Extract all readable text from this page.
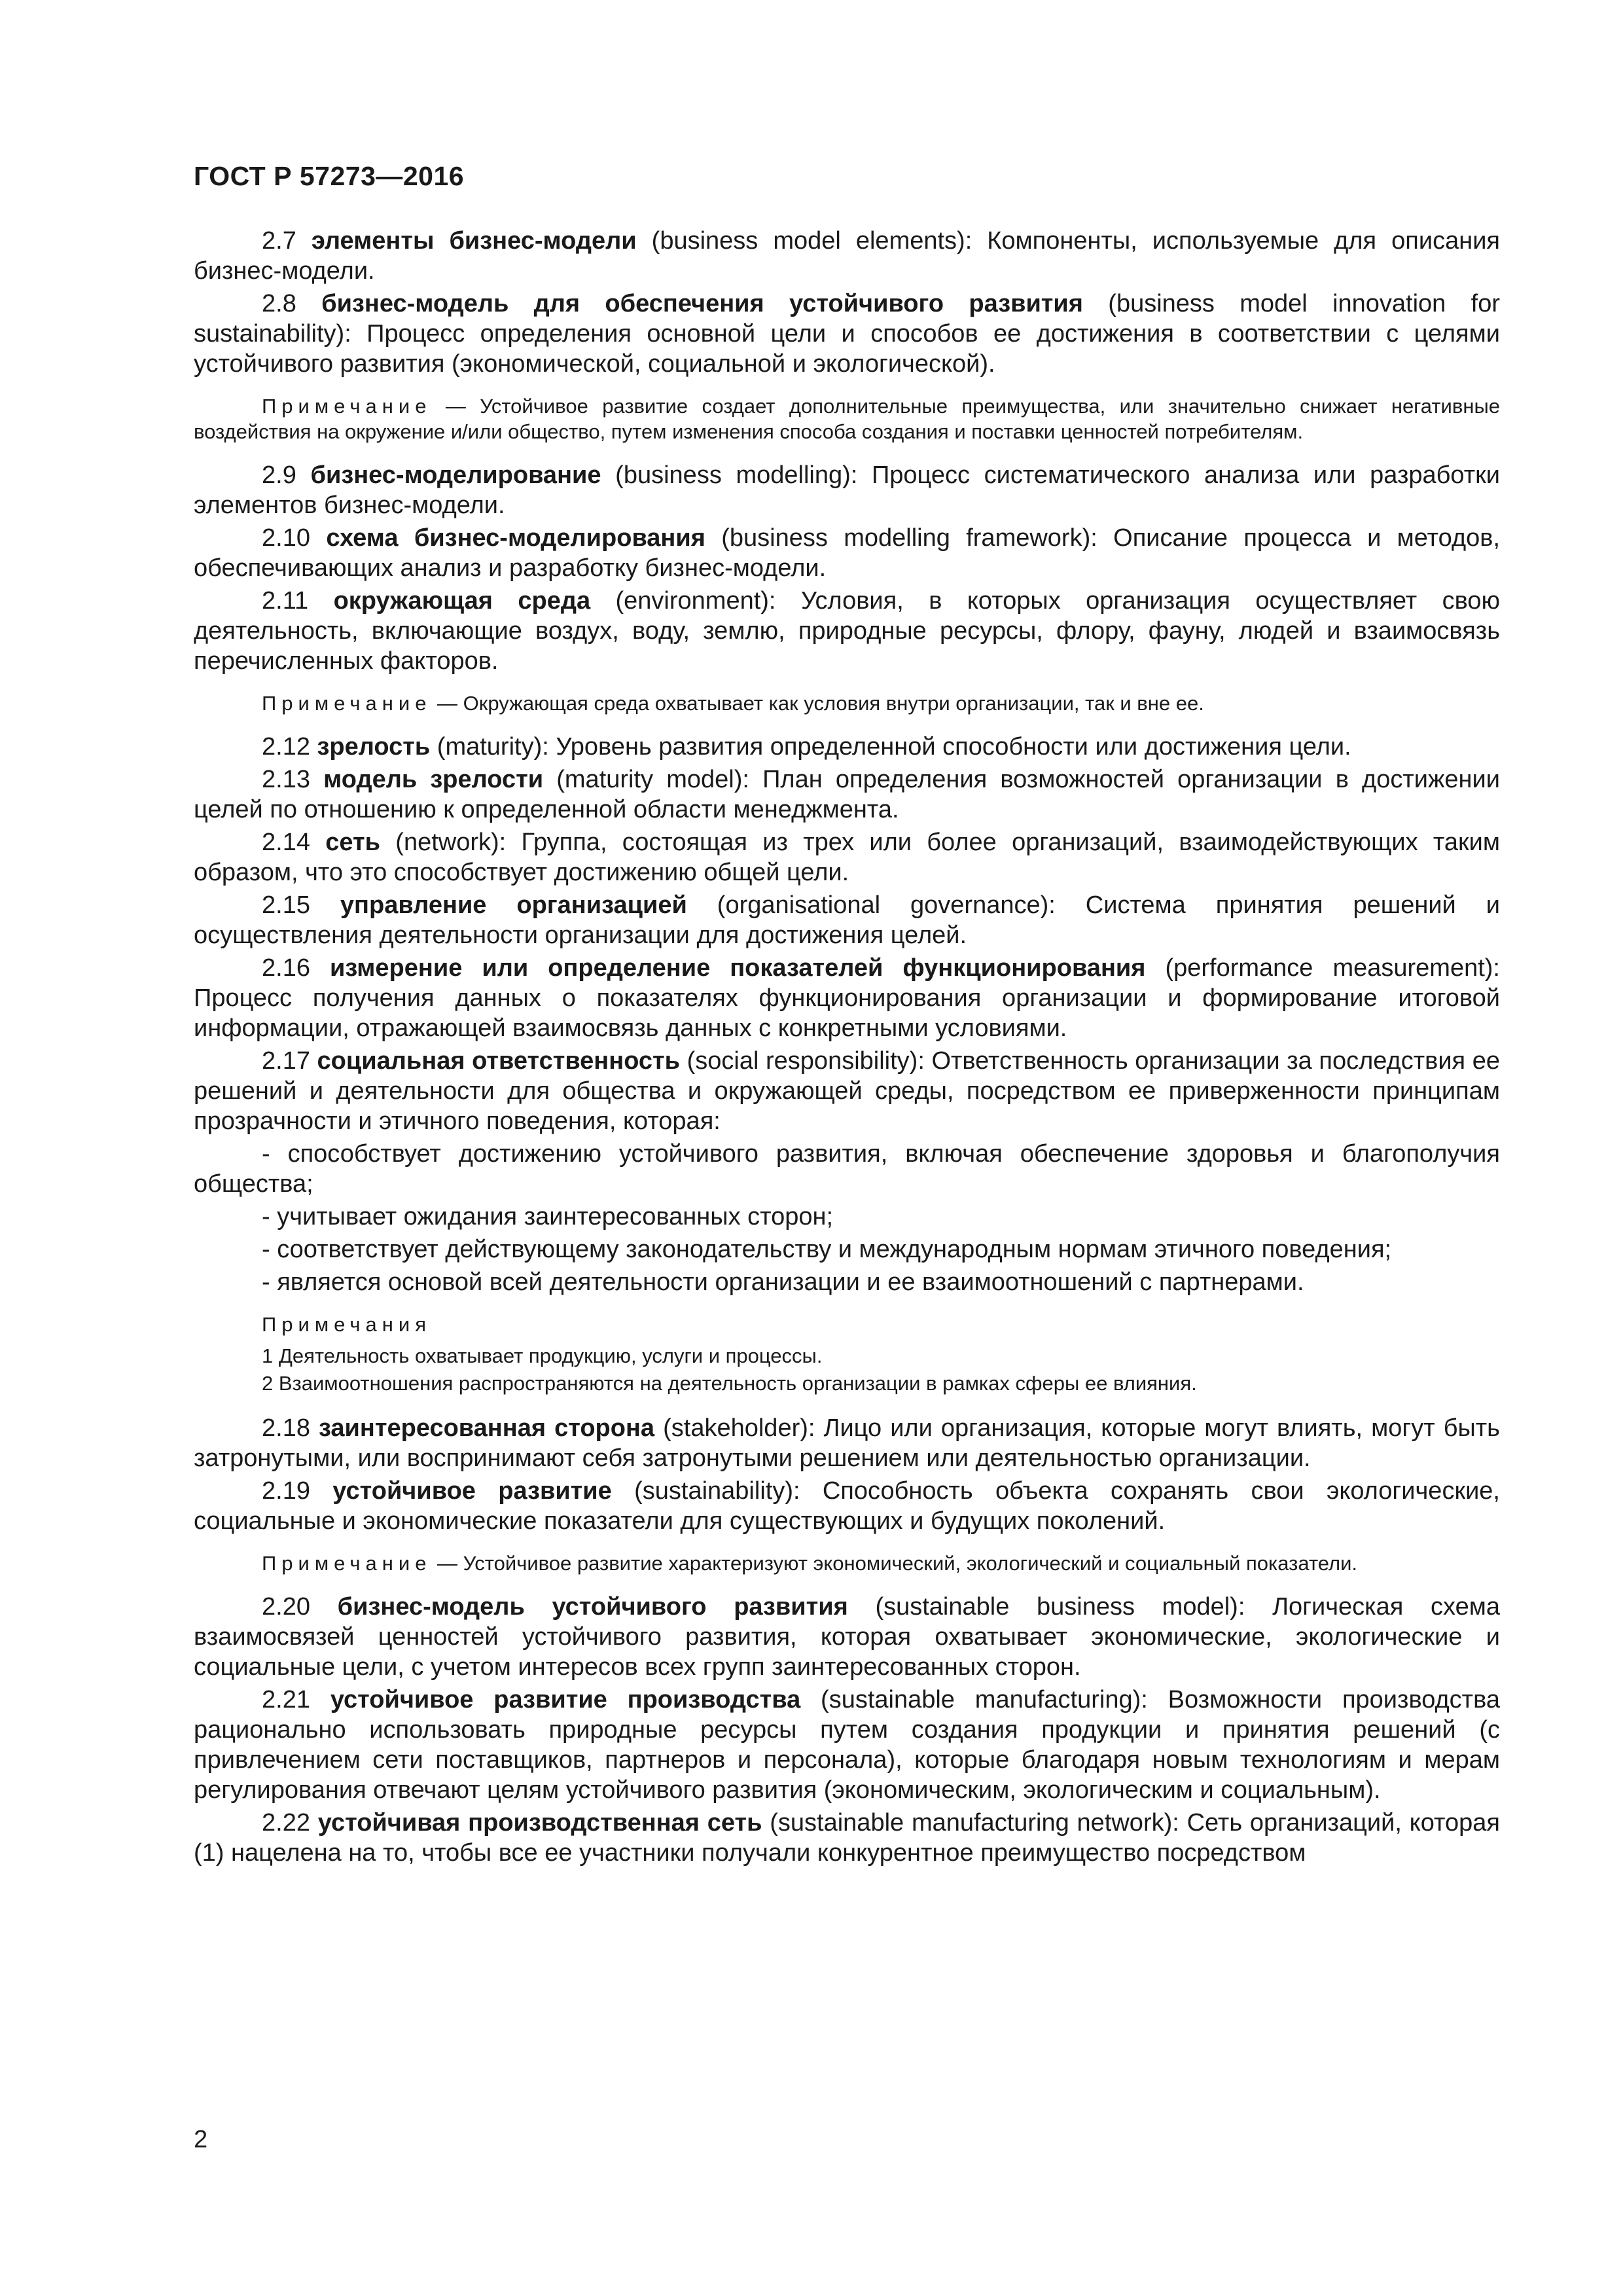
ГОСТ Р 57273—2016

2.7 элементы бизнес-модели (business model elements): Компоненты, используемые для описания бизнес-модели.

2.8 бизнес-модель для обеспечения устойчивого развития (business model innovation for sustainability): Процесс определения основной цели и способов ее достижения в соответствии с целями устойчивого развития (экономической, социальной и экологической).

Примечание — Устойчивое развитие создает дополнительные преимущества, или значительно снижает негативные воздействия на окружение и/или общество, путем изменения способа создания и поставки ценностей потребителям.

2.9 бизнес-моделирование (business modelling): Процесс систематического анализа или разработки элементов бизнес-модели.

2.10 схема бизнес-моделирования (business modelling framework): Описание процесса и методов, обеспечивающих анализ и разработку бизнес-модели.

2.11 окружающая среда (environment): Условия, в которых организация осуществляет свою деятельность, включающие воздух, воду, землю, природные ресурсы, флору, фауну, людей и взаимосвязь перечисленных факторов.

Примечание — Окружающая среда охватывает как условия внутри организации, так и вне ее.

2.12 зрелость (maturity): Уровень развития определенной способности или достижения цели.

2.13 модель зрелости (maturity model): План определения возможностей организации в достижении целей по отношению к определенной области менеджмента.

2.14 сеть (network): Группа, состоящая из трех или более организаций, взаимодействующих таким образом, что это способствует достижению общей цели.

2.15 управление организацией (organisational governance): Система принятия решений и осуществления деятельности организации для достижения целей.

2.16 измерение или определение показателей функционирования (performance measurement): Процесс получения данных о показателях функционирования организации и формирование итоговой информации, отражающей взаимосвязь данных с конкретными условиями.

2.17 социальная ответственность (social responsibility): Ответственность организации за последствия ее решений и деятельности для общества и окружающей среды, посредством ее приверженности принципам прозрачности и этичного поведения, которая:

- способствует достижению устойчивого развития, включая обеспечение здоровья и благополучия общества;

- учитывает ожидания заинтересованных сторон;

- соответствует действующему законодательству и международным нормам этичного поведения;

- является основой всей деятельности организации и ее взаимоотношений с партнерами.

Примечания

1 Деятельность охватывает продукцию, услуги и процессы.

2 Взаимоотношения распространяются на деятельность организации в рамках сферы ее влияния.

2.18 заинтересованная сторона (stakeholder): Лицо или организация, которые могут влиять, могут быть затронутыми, или воспринимают себя затронутыми решением или деятельностью организации.

2.19 устойчивое развитие (sustainability): Способность объекта сохранять свои экологические, социальные и экономические показатели для существующих и будущих поколений.

Примечание — Устойчивое развитие характеризуют экономический, экологический и социальный показатели.

2.20 бизнес-модель устойчивого развития (sustainable business model): Логическая схема взаимосвязей ценностей устойчивого развития, которая охватывает экономические, экологические и социальные цели, с учетом интересов всех групп заинтересованных сторон.

2.21 устойчивое развитие производства (sustainable manufacturing): Возможности производства рационально использовать природные ресурсы путем создания продукции и принятия решений (с привлечением сети поставщиков, партнеров и персонала), которые благодаря новым технологиям и мерам регулирования отвечают целям устойчивого развития (экономическим, экологическим и социальным).

2.22 устойчивая производственная сеть (sustainable manufacturing network): Сеть организаций, которая (1) нацелена на то, чтобы все ее участники получали конкурентное преимущество посредством

2
